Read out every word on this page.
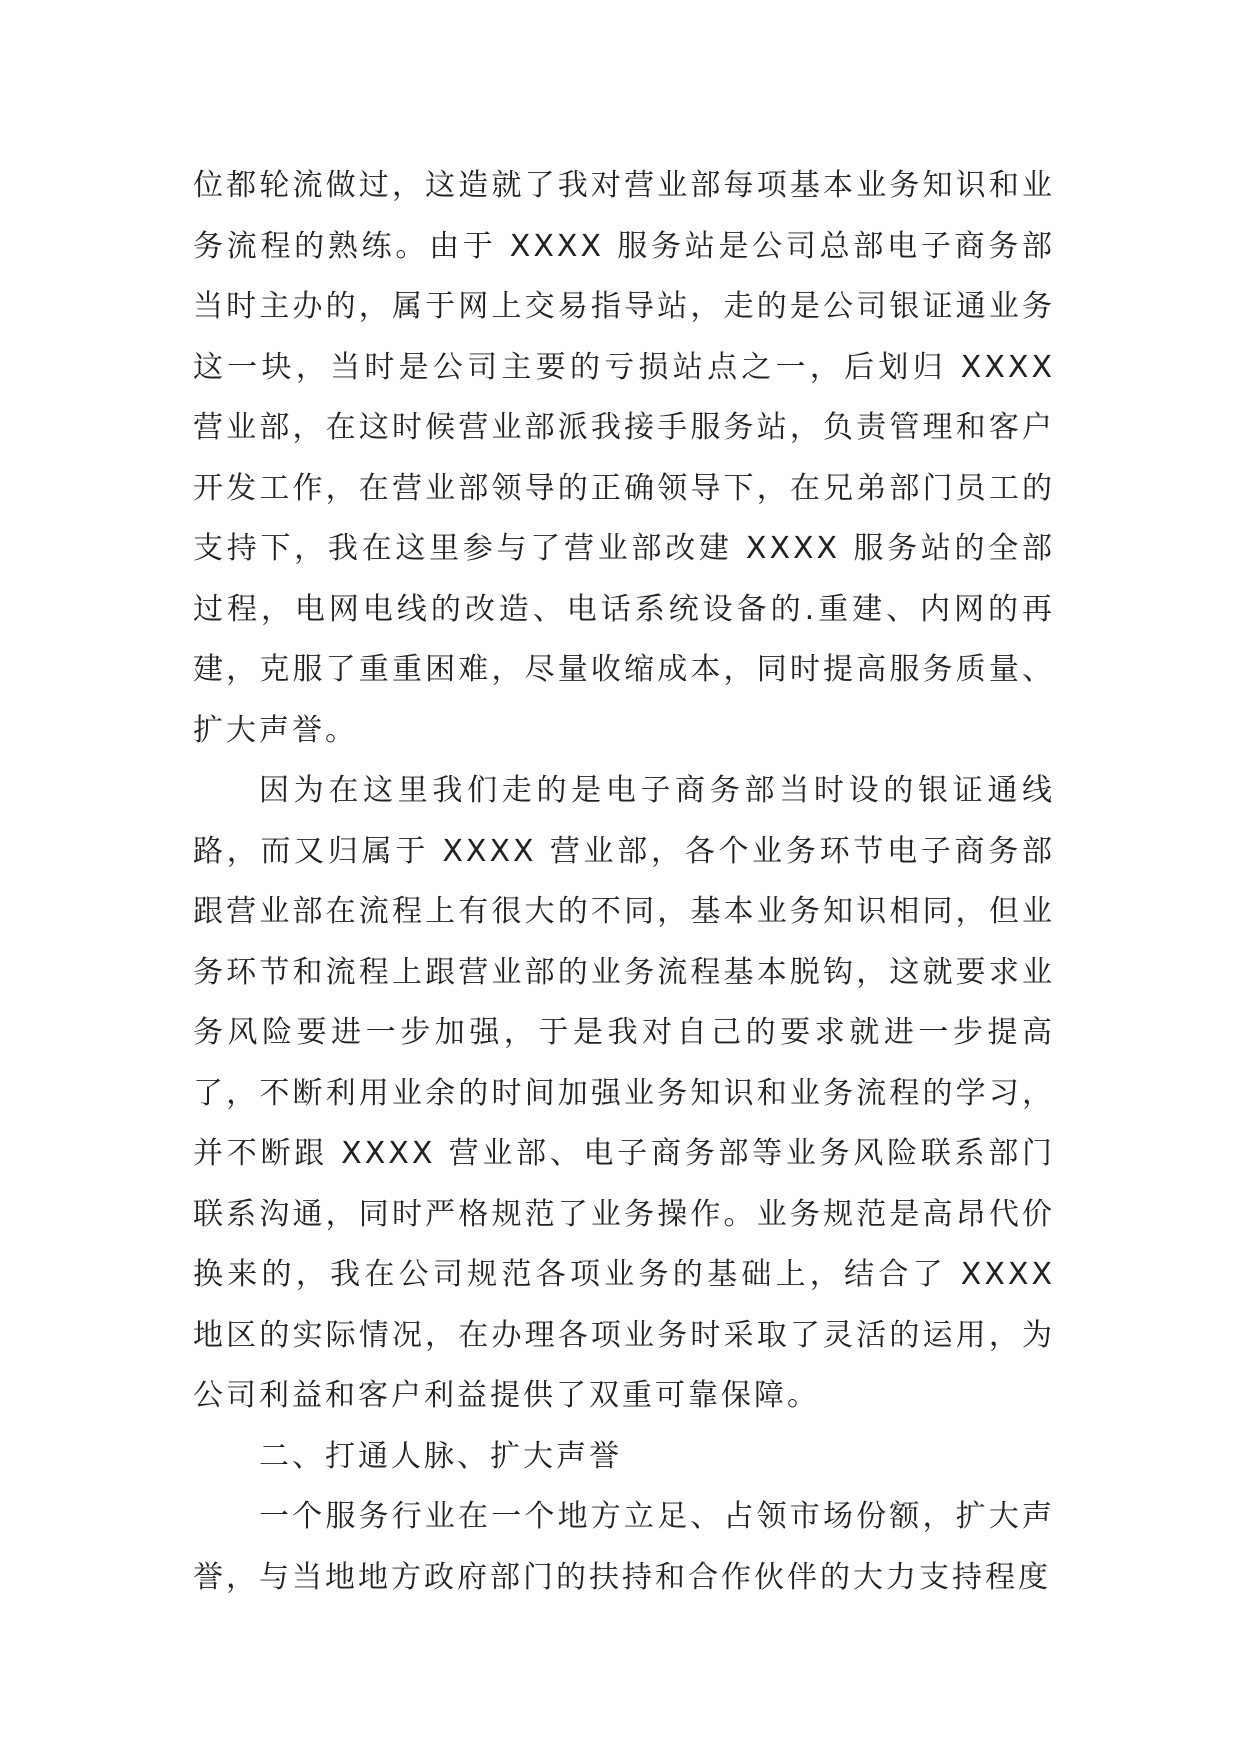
位都轮流做过，这造就了我对营业部每项基本业务知识和业务流程的熟练。由于 XXXX 服务站是公司总部电子商务部当时主办的，属于网上交易指导站，走的是公司银证通业务这一块，当时是公司主要的亏损站点之一，后划归 XXXX 营业部，在这时候营业部派我接手服务站，负责管理和客户开发工作，在营业部领导的正确领导下，在兄弟部门员工的支持下，我在这里参与了营业部改建 XXXX 服务站的全部过程，电网电线的改造、电话系统设备的.重建、内网的再建，克服了重重困难，尽量收缩成本，同时提高服务质量、扩大声誉。

因为在这里我们走的是电子商务部当时设的银证通线路，而又归属于 XXXX 营业部，各个业务环节电子商务部跟营业部在流程上有很大的不同，基本业务知识相同，但业务环节和流程上跟营业部的业务流程基本脱钩，这就要求业务风险要进一步加强，于是我对自己的要求就进一步提高了，不断利用业余的时间加强业务知识和业务流程的学习，并不断跟 XXXX 营业部、电子商务部等业务风险联系部门联系沟通，同时严格规范了业务操作。业务规范是高昂代价换来的，我在公司规范各项业务的基础上，结合了 XXXX 地区的实际情况，在办理各项业务时采取了灵活的运用，为公司利益和客户利益提供了双重可靠保障。

二、打通人脉、扩大声誉

一个服务行业在一个地方立足、占领市场份额，扩大声誉，与当地地方政府部门的扶持和合作伙伴的大力支持程度
